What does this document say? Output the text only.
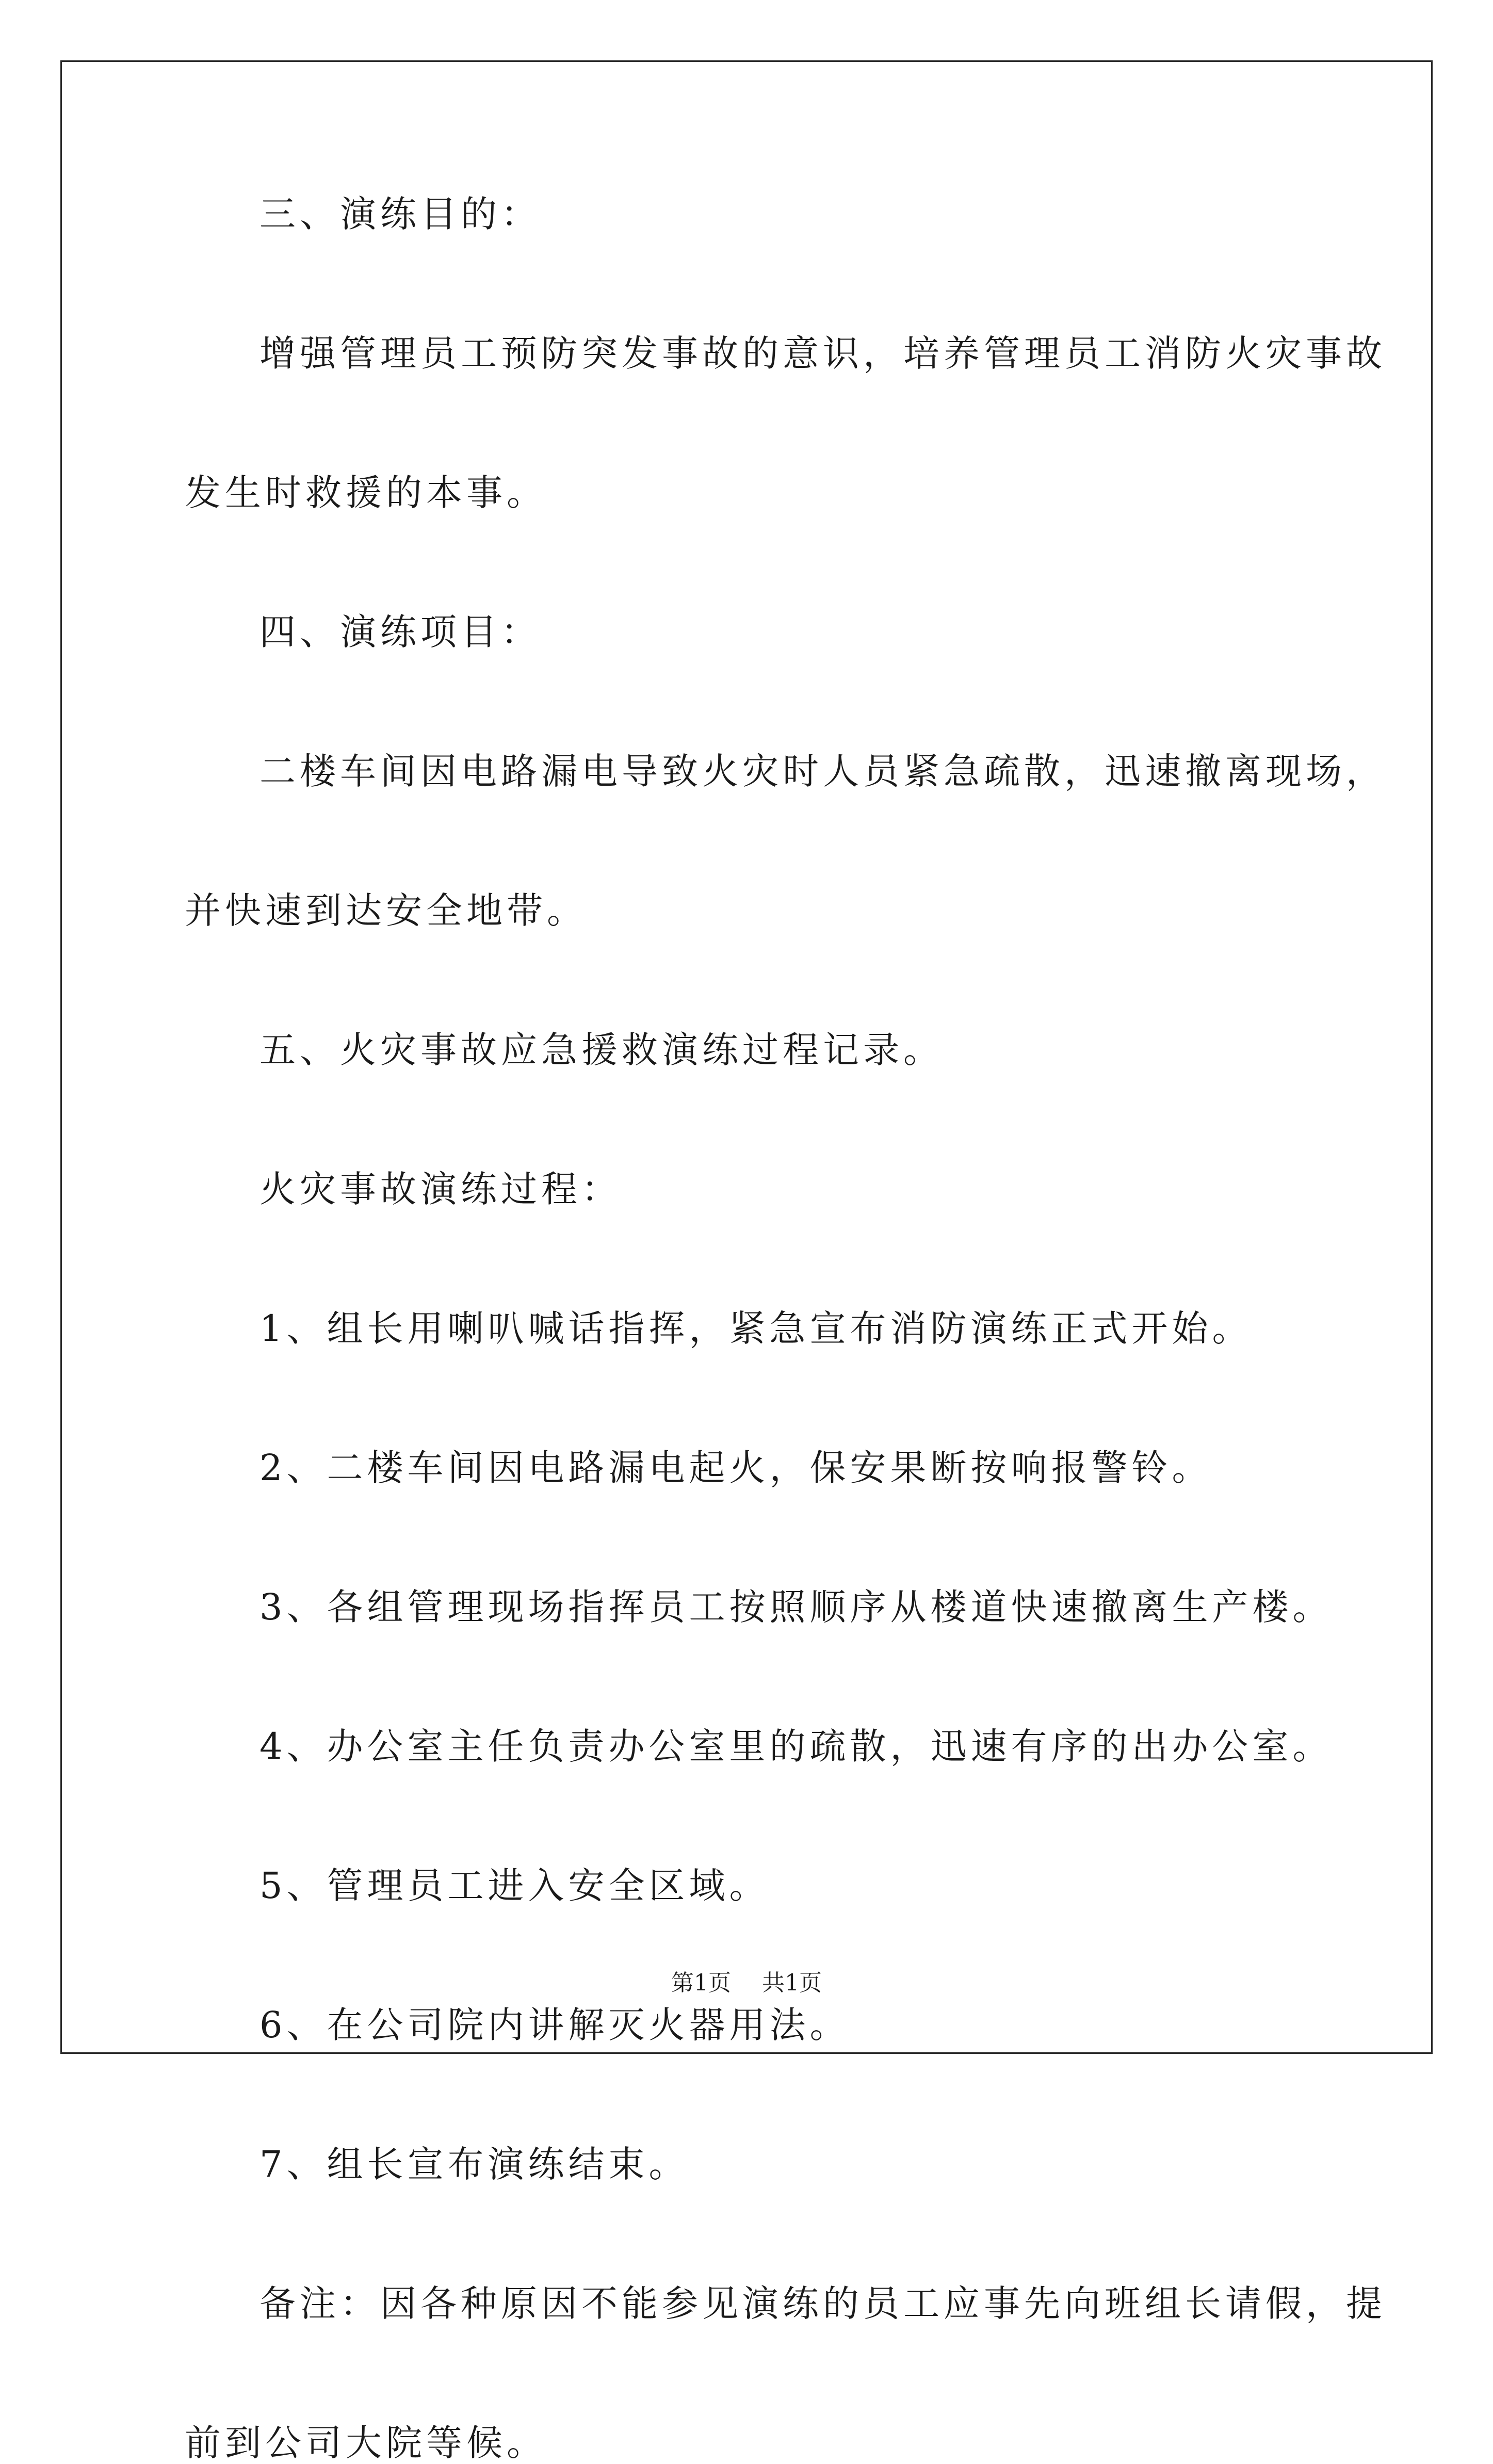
三、演练目的：

增强管理员工预防突发事故的意识，培养管理员工消防火灾事故

发生时救援的本事。

四、演练项目：

二楼车间因电路漏电导致火灾时人员紧急疏散，迅速撤离现场，

并快速到达安全地带。

五、火灾事故应急援救演练过程记录。

火灾事故演练过程：

1、组长用喇叭喊话指挥，紧急宣布消防演练正式开始。

2、二楼车间因电路漏电起火，保安果断按响报警铃。

3、各组管理现场指挥员工按照顺序从楼道快速撤离生产楼。

4、办公室主任负责办公室里的疏散，迅速有序的出办公室。

5、管理员工进入安全区域。

6、在公司院内讲解灭火器用法。

7、组长宣布演练结束。

备注：因各种原因不能参见演练的员工应事先向班组长请假，提

前到公司大院等候。

第1页 共1页
